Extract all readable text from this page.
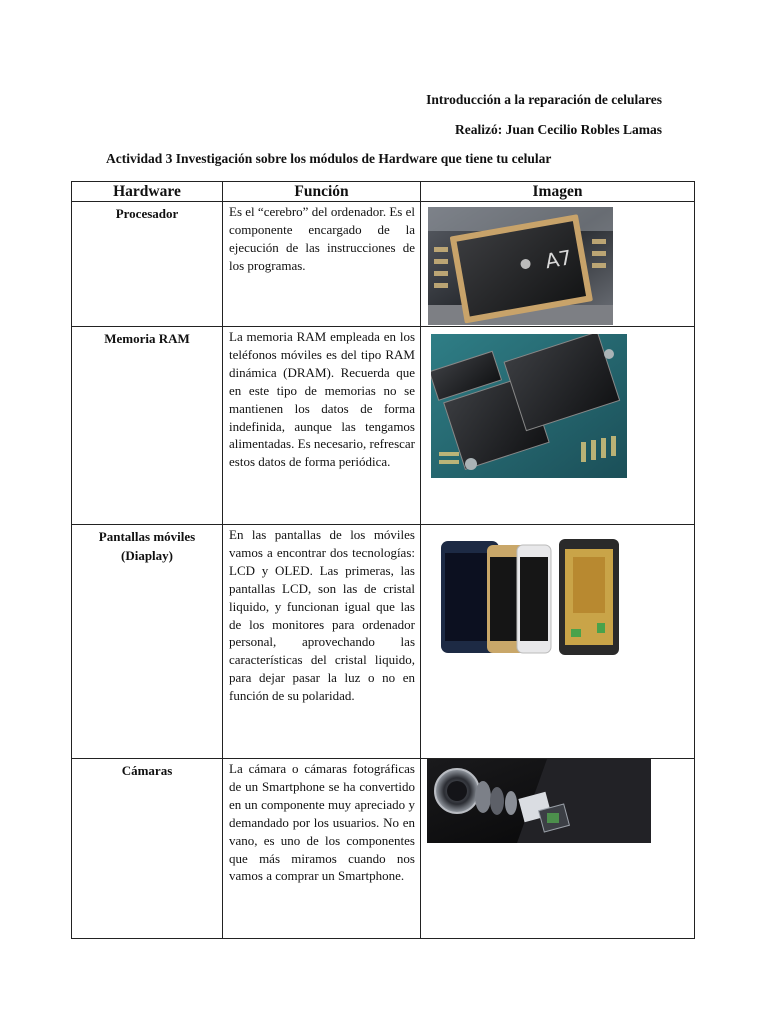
Introducción a la reparación de celulares
Realizó: Juan Cecilio Robles Lamas
Actividad 3 Investigación sobre los módulos de Hardware que tiene tu celular
Hardware	Función	Imagen
Procesador	Es el “cerebro” del ordenador. Es el componente encargado de la ejecución de las instrucciones de los programas.	A7

Memoria RAM	La memoria RAM empleada en los teléfonos móviles es del tipo RAM dinámica (DRAM). Recuerda que en este tipo de memorias no se mantienen los datos de forma indefinida, aunque las tengamos alimentadas. Es necesario, refrescar estos datos de forma periódica.	

Pantallas móviles (Diaplay)	En las pantallas de los móviles vamos a encontrar dos tecnologías: LCD y OLED. Las primeras, las pantallas LCD, son las de cristal liquido, y funcionan igual que las de los monitores para ordenador personal, aprovechando las características del cristal liquido, para dejar pasar la luz o no en función de su polaridad.	

Cámaras	La cámara o cámaras fotográficas de un Smartphone se ha convertido en un componente muy apreciado y demandado por los usuarios. No en vano, es uno de los componentes que más miramos cuando nos vamos a comprar un Smartphone.	
